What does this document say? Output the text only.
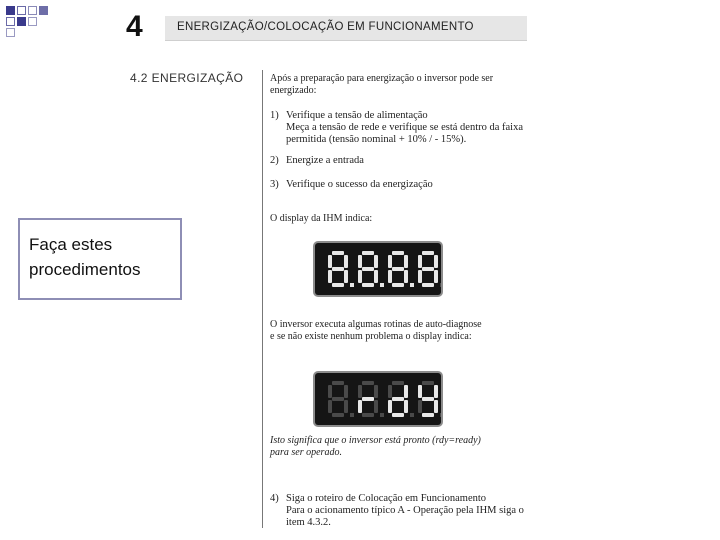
4	ENERGIZAÇÃO/COLOCAÇÃO EM FUNCIONAMENTO
4.2 ENERGIZAÇÃO	Após a preparação para energização o inversor pode ser
energizado:
1) Verifique a tensão de alimentação
Meça a tensão de rede e verifique se está dentro da faixa
permitida (tensão nominal + 10% / - 15%).
2) Energize a entrada
3) Verifique o sucesso da energização
O display da IHM indica:
O inversor executa algumas rotinas de auto-diagnose
e se não existe nenhum problema o display indica:
Isto significa que o inversor está pronto (rdy=ready)
para ser operado.
4) Siga o roteiro de Colocação em Funcionamento
Para o acionamento típico A - Operação pela IHM siga o
item 4.3.2.
Faça estes
procedimentos
